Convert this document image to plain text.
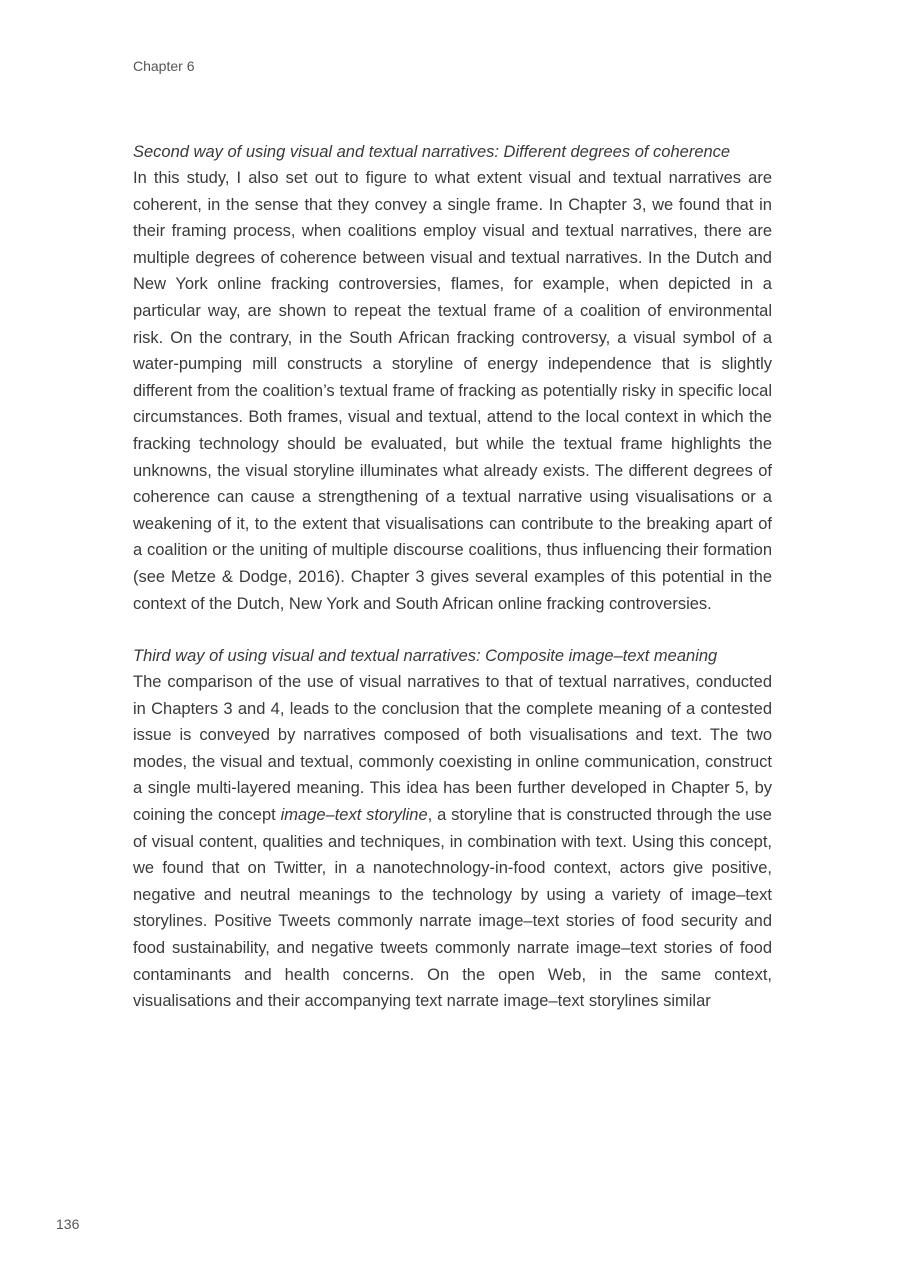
Chapter 6

Second way of using visual and textual narratives: Different degrees of coherence

In this study, I also set out to figure to what extent visual and textual narratives are coherent, in the sense that they convey a single frame. In Chapter 3, we found that in their framing process, when coalitions employ visual and textual narratives, there are multiple degrees of coherence between visual and textual narratives. In the Dutch and New York online fracking controversies, flames, for example, when depicted in a particular way, are shown to repeat the textual frame of a coalition of environmental risk. On the contrary, in the South African fracking controversy, a visual symbol of a water-pumping mill constructs a storyline of energy independence that is slightly different from the coalition’s textual frame of fracking as potentially risky in specific local circumstances. Both frames, visual and textual, attend to the local context in which the fracking technology should be evaluated, but while the textual frame highlights the unknowns, the visual storyline illuminates what already exists. The different degrees of coherence can cause a strengthening of a textual narrative using visualisations or a weakening of it, to the extent that visualisations can contribute to the breaking apart of a coalition or the uniting of multiple discourse coalitions, thus influencing their formation (see Metze & Dodge, 2016). Chapter 3 gives several examples of this potential in the context of the Dutch, New York and South African online fracking controversies.

Third way of using visual and textual narratives: Composite image–text meaning

The comparison of the use of visual narratives to that of textual narratives, conducted in Chapters 3 and 4, leads to the conclusion that the complete meaning of a contested issue is conveyed by narratives composed of both visualisations and text. The two modes, the visual and textual, commonly coexisting in online communication, construct a single multi-layered meaning. This idea has been further developed in Chapter 5, by coining the concept image–text storyline, a storyline that is constructed through the use of visual content, qualities and techniques, in combination with text. Using this concept, we found that on Twitter, in a nanotechnology-in-food context, actors give positive, negative and neutral meanings to the technology by using a variety of image–text storylines. Positive Tweets commonly narrate image–text stories of food security and food sustainability, and negative tweets commonly narrate image–text stories of food contaminants and health concerns. On the open Web, in the same context, visualisations and their accompanying text narrate image–text storylines similar

136
